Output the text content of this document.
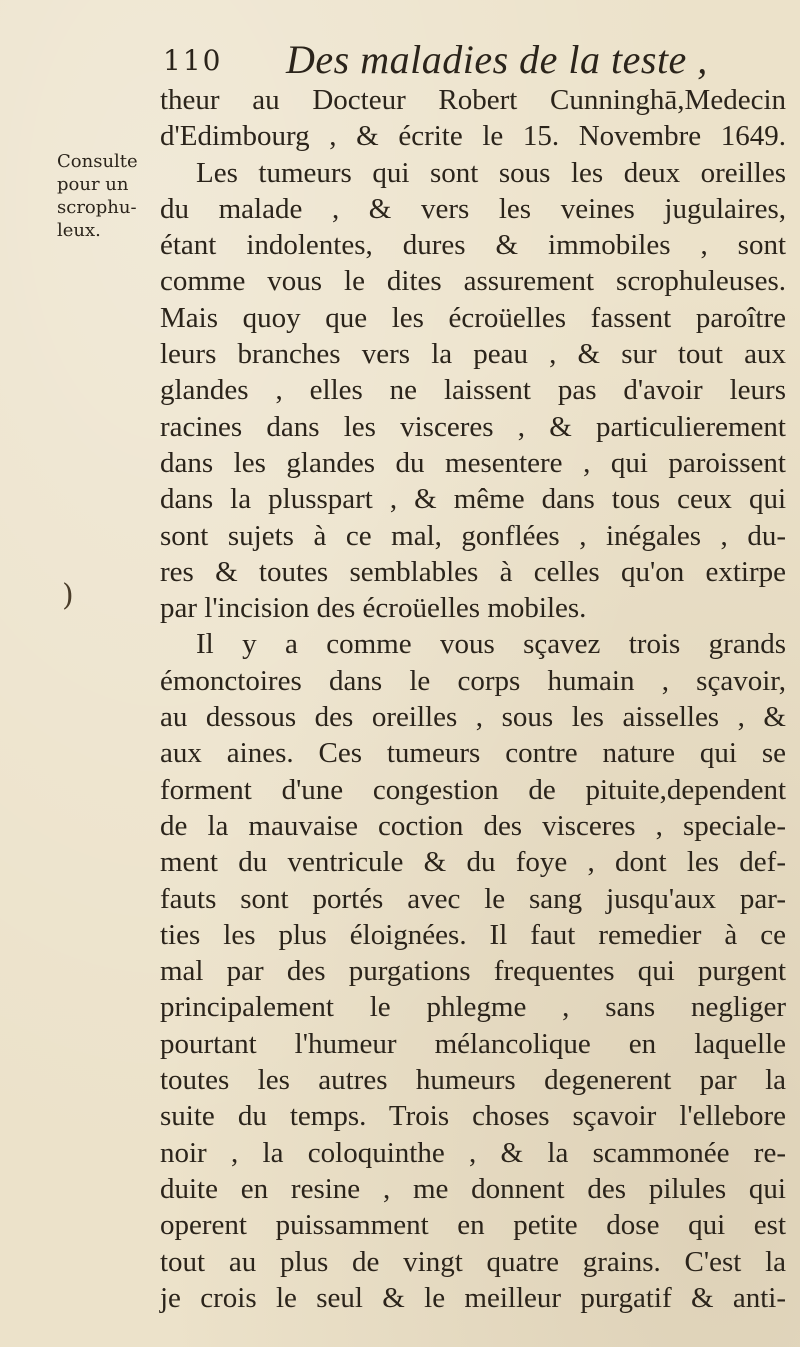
110 Des maladies de la teste ,
Consulte
pour un
scrophu-
leux.
)
theur au Docteur Robert Cunninghā,Medecin
d'Edimbourg , & écrite le 15. Novembre 1649.
Les tumeurs qui sont sous les deux oreilles
du malade , & vers les veines jugulaires,
étant indolentes, dures & immobiles , sont
comme vous le dites assurement scrophuleuses.
Mais quoy que les écroüelles fassent paroître
leurs branches vers la peau , & sur tout aux
glandes , elles ne laissent pas d'avoir leurs
racines dans les visceres , & particulierement
dans les glandes du mesentere , qui paroissent
dans la plusspart , & même dans tous ceux qui
sont sujets à ce mal, gonflées , inégales , du-
res & toutes semblables à celles qu'on extirpe
par l'incision des écroüelles mobiles.
Il y a comme vous sçavez trois grands
émonctoires dans le corps humain , sçavoir,
au dessous des oreilles , sous les aisselles , &
aux aines. Ces tumeurs contre nature qui se
forment d'une congestion de pituite,dependent
de la mauvaise coction des visceres , speciale-
ment du ventricule & du foye , dont les def-
fauts sont portés avec le sang jusqu'aux par-
ties les plus éloignées. Il faut remedier à ce
mal par des purgations frequentes qui purgent
principalement le phlegme , sans negliger
pourtant l'humeur mélancolique en laquelle
toutes les autres humeurs degenerent par la
suite du temps. Trois choses sçavoir l'ellebore
noir , la coloquinthe , & la scammonée re-
duite en resine , me donnent des pilules qui
operent puissamment en petite dose qui est
tout au plus de vingt quatre grains. C'est la
je crois le seul & le meilleur purgatif & anti-
